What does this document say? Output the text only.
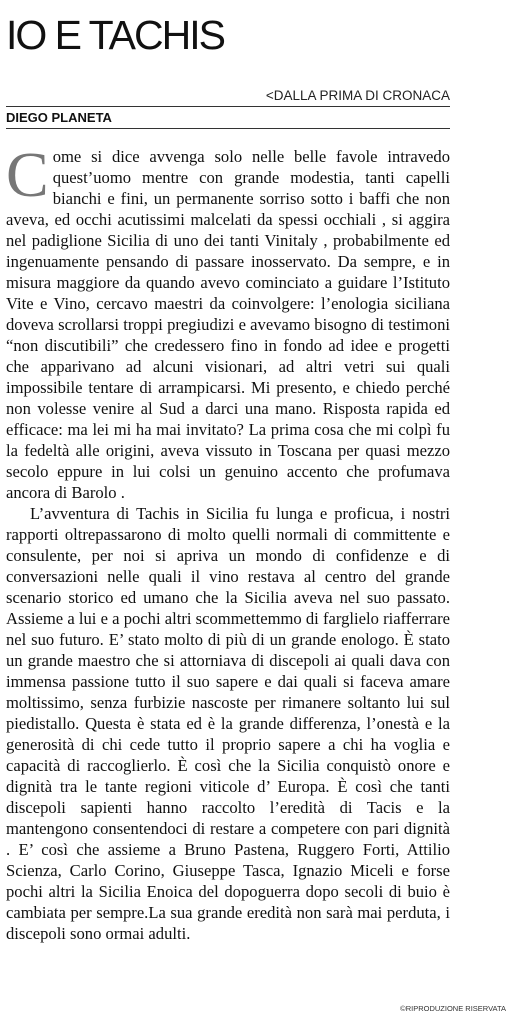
IO E TACHIS
<DALLA PRIMA DI CRONACA
DIEGO PLANETA

Come si dice avvenga solo nelle belle favole intravedo quest’uomo mentre con grande modestia, tanti capelli bianchi e fini, un permanente sorriso sotto i baffi che non aveva, ed occhi acutissimi malcelati da spessi occhiali , si aggira nel padiglione Sicilia di uno dei tanti Vinitaly , probabilmente ed ingenuamente pensando di passare inosservato. Da sempre, e in misura maggiore da quando avevo cominciato a guidare l’Istituto Vite e Vino, cercavo maestri da coinvolgere: l’enologia siciliana doveva scrollarsi troppi pregiudizi e avevamo bisogno di testimoni “non discutibili” che credessero fino in fondo ad idee e progetti che apparivano ad alcuni visionari, ad altri vetri sui quali impossibile tentare di arrampicarsi. Mi presento, e chiedo perché non volesse venire al Sud a darci una mano. Risposta rapida ed efficace: ma lei mi ha mai invitato? La prima cosa che mi colpì fu la fedeltà alle origini, aveva vissuto in Toscana per quasi mezzo secolo eppure in lui colsi un genuino accento che profumava ancora di Barolo .

L’avventura di Tachis in Sicilia fu lunga e proficua, i nostri rapporti oltrepassarono di molto quelli normali di committente e consulente, per noi si apriva un mondo di confidenze e di conversazioni nelle quali il vino restava al centro del grande scenario storico ed umano che la Sicilia aveva nel suo passato. Assieme a lui e a pochi altri scommettemmo di farglielo riafferrare nel suo futuro. E’ stato molto di più di un grande enologo. È stato un grande maestro che si attorniava di discepoli ai quali dava con immensa passione tutto il suo sapere e dai quali si faceva amare moltissimo, senza furbizie nascoste per rimanere soltanto lui sul piedistallo. Questa è stata ed è la grande differenza, l’onestà e la generosità di chi cede tutto il proprio sapere a chi ha voglia e capacità di raccoglierlo. È così che la Sicilia conquistò onore e dignità tra le tante regioni viticole d’ Europa. È così che tanti discepoli sapienti hanno raccolto l’eredità di Tacis e la mantengono consentendoci di restare a competere con pari dignità . E’ così che assieme a Bruno Pastena, Ruggero Forti, Attilio Scienza, Carlo Corino, Giuseppe Tasca, Ignazio Miceli e forse pochi altri la Sicilia Enoica del dopoguerra dopo secoli di buio è cambiata per sempre.La sua grande eredità non sarà mai perduta, i discepoli sono ormai adulti.

©RIPRODUZIONE RISERVATA
